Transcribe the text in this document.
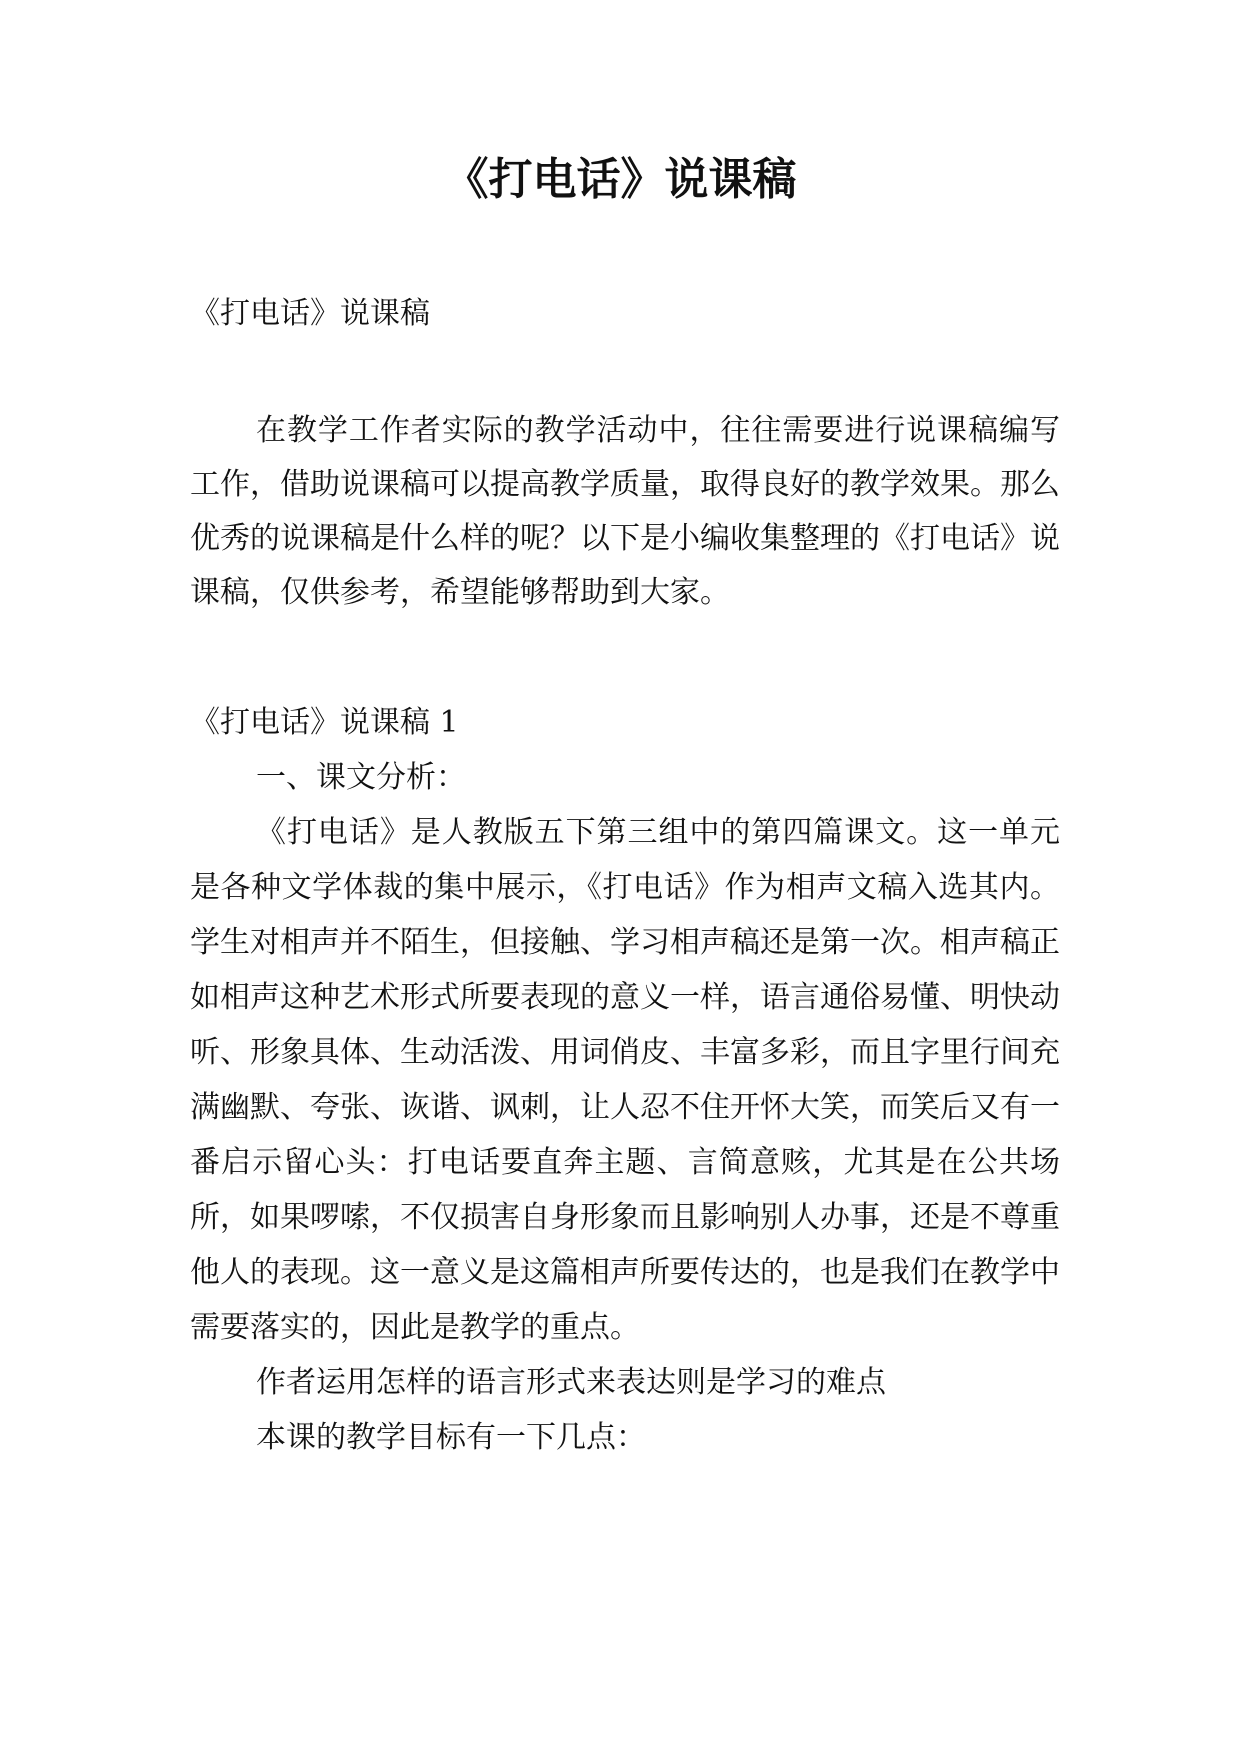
《打电话》说课稿
《打电话》说课稿

在教学工作者实际的教学活动中，往往需要进行说课稿编写工作，借助说课稿可以提高教学质量，取得良好的教学效果。那么优秀的说课稿是什么样的呢？以下是小编收集整理的《打电话》说课稿，仅供参考，希望能够帮助到大家。

《打电话》说课稿 1

一、课文分析：

《打电话》是人教版五下第三组中的第四篇课文。这一单元是各种文学体裁的集中展示，《打电话》作为相声文稿入选其内。学生对相声并不陌生，但接触、学习相声稿还是第一次。相声稿正如相声这种艺术形式所要表现的意义一样，语言通俗易懂、明快动听、形象具体、生动活泼、用词俏皮、丰富多彩，而且字里行间充满幽默、夸张、诙谐、讽刺，让人忍不住开怀大笑，而笑后又有一番启示留心头：打电话要直奔主题、言简意赅，尤其是在公共场所，如果啰嗦，不仅损害自身形象而且影响别人办事，还是不尊重他人的表现。这一意义是这篇相声所要传达的，也是我们在教学中需要落实的，因此是教学的重点。

作者运用怎样的语言形式来表达则是学习的难点

本课的教学目标有一下几点：
